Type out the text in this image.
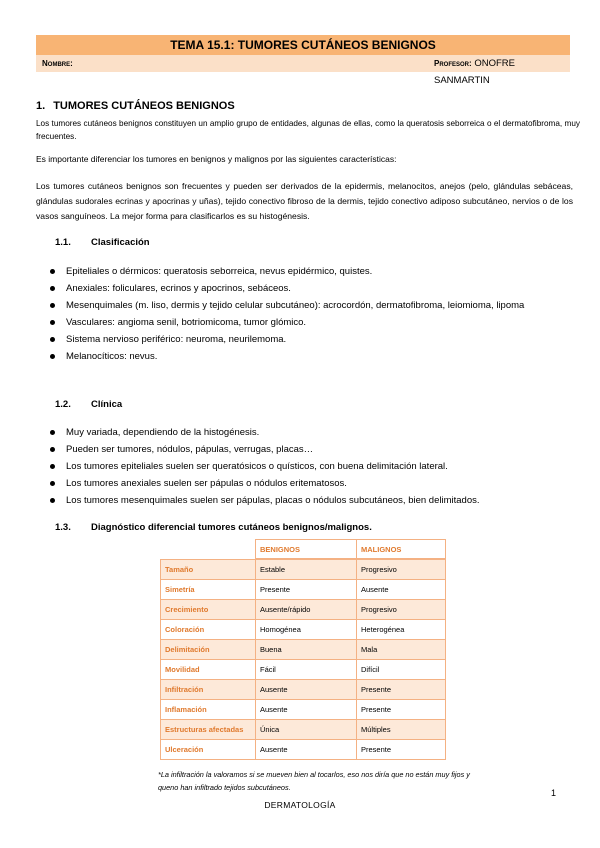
TEMA 15.1: TUMORES CUTÁNEOS BENIGNOS
Nombre:	Profesor: ONOFRE SANMARTIN
1. TUMORES CUTÁNEOS BENIGNOS
Los tumores cutáneos benignos constituyen un amplio grupo de entidades, algunas de ellas, como la queratosis seborreica o el dermatofibroma, muy frecuentes.
Es importante diferenciar los tumores en benignos y malignos por las siguientes características:
Los tumores cutáneos benignos son frecuentes y pueden ser derivados de la epidermis, melanocitos, anejos (pelo, glándulas sebáceas, glándulas sudorales ecrinas y apocrinas y uñas), tejido conectivo fibroso de la dermis, tejido conectivo adiposo subcutáneo, nervios o de los vasos sanguíneos. La mejor forma para clasificarlos es su histogénesis.
1.1. Clasificación
Epiteliales o dérmicos: queratosis seborreica, nevus epidérmico, quistes.
Anexiales: foliculares, ecrinos y apocrinos, sebáceos.
Mesenquimales (m. liso, dermis y tejido celular subcutáneo): acrocordón, dermatofibroma, leiomioma, lipoma
Vasculares: angioma senil, botriomicoma, tumor glómico.
Sistema nervioso periférico: neuroma, neurilemoma.
Melanocíticos: nevus.
1.2. Clínica
Muy variada, dependiendo de la histogénesis.
Pueden ser tumores, nódulos, pápulas, verrugas, placas…
Los tumores epiteliales suelen ser queratósicos o quísticos, con buena delimitación lateral.
Los tumores anexiales suelen ser pápulas o nódulos eritematosos.
Los tumores mesenquimales suelen ser pápulas, placas o nódulos subcutáneos, bien delimitados.
1.3. Diagnóstico diferencial tumores cutáneos benignos/malignos.
	BENIGNOS	MALIGNOS
Tamaño	Estable	Progresivo
Simetría	Presente	Ausente
Crecimiento	Ausente/rápido	Progresivo
Coloración	Homogénea	Heterogénea
Delimitación	Buena	Mala
Movilidad	Fácil	Difícil
Infiltración	Ausente	Presente
Inflamación	Ausente	Presente
Estructuras afectadas	Única	Múltiples
Ulceración	Ausente	Presente
*La infiltración la valoramos si se mueven bien al tocarlos, eso nos diría que no están muy fijos y queno han infiltrado tejidos subcutáneos.
1
DERMATOLOGÍA
